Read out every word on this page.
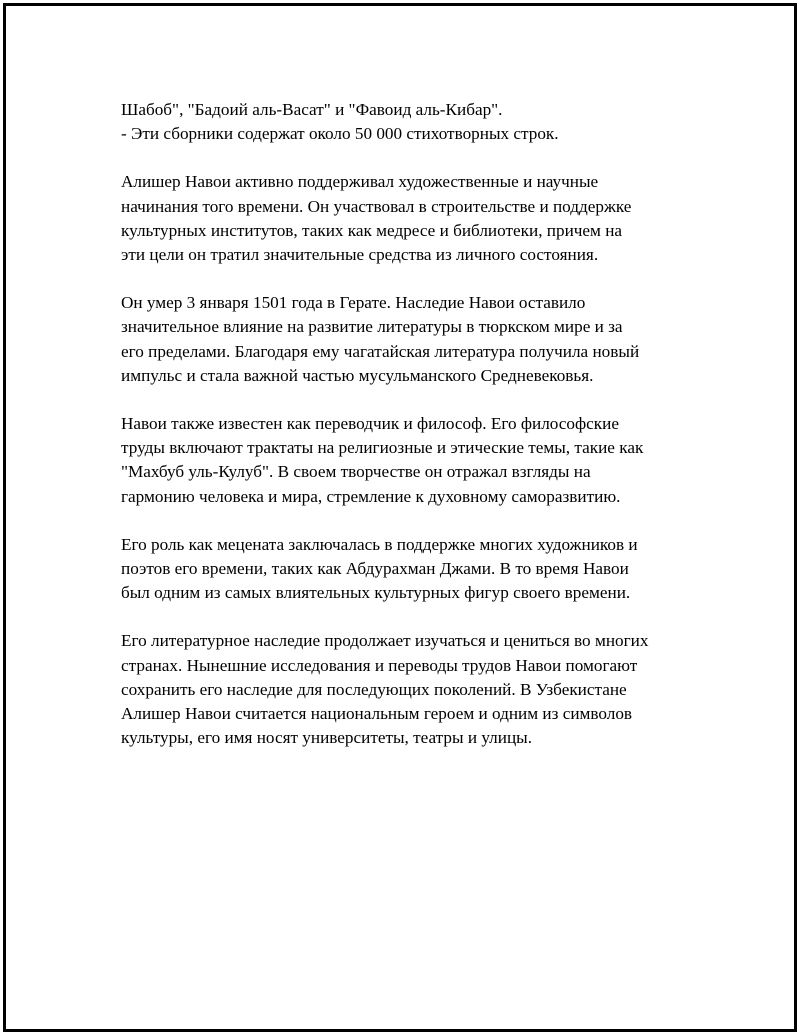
Шабоб", "Бадоий аль-Васат" и "Фавоид аль-Кибар".
- Эти сборники содержат около 50 000 стихотворных строк.

Алишер Навои активно поддерживал художественные и научные
начинания того времени. Он участвовал в строительстве и поддержке
культурных институтов, таких как медресе и библиотеки, причем на
эти цели он тратил значительные средства из личного состояния.

Он умер 3 января 1501 года в Герате. Наследие Навои оставило
значительное влияние на развитие литературы в тюркском мире и за
его пределами. Благодаря ему чагатайская литература получила новый
импульс и стала важной частью мусульманского Средневековья.

Навои также известен как переводчик и философ. Его философские
труды включают трактаты на религиозные и этические темы, такие как
"Махбуб уль-Кулуб". В своем творчестве он отражал взгляды на
гармонию человека и мира, стремление к духовному саморазвитию.

Его роль как мецената заключалась в поддержке многих художников и
поэтов его времени, таких как Абдурахман Джами. В то время Навои
был одним из самых влиятельных культурных фигур своего времени.

Его литературное наследие продолжает изучаться и цениться во многих
странах. Нынешние исследования и переводы трудов Навои помогают
сохранить его наследие для последующих поколений. В Узбекистане
Алишер Навои считается национальным героем и одним из символов
культуры, его имя носят университеты, театры и улицы.
